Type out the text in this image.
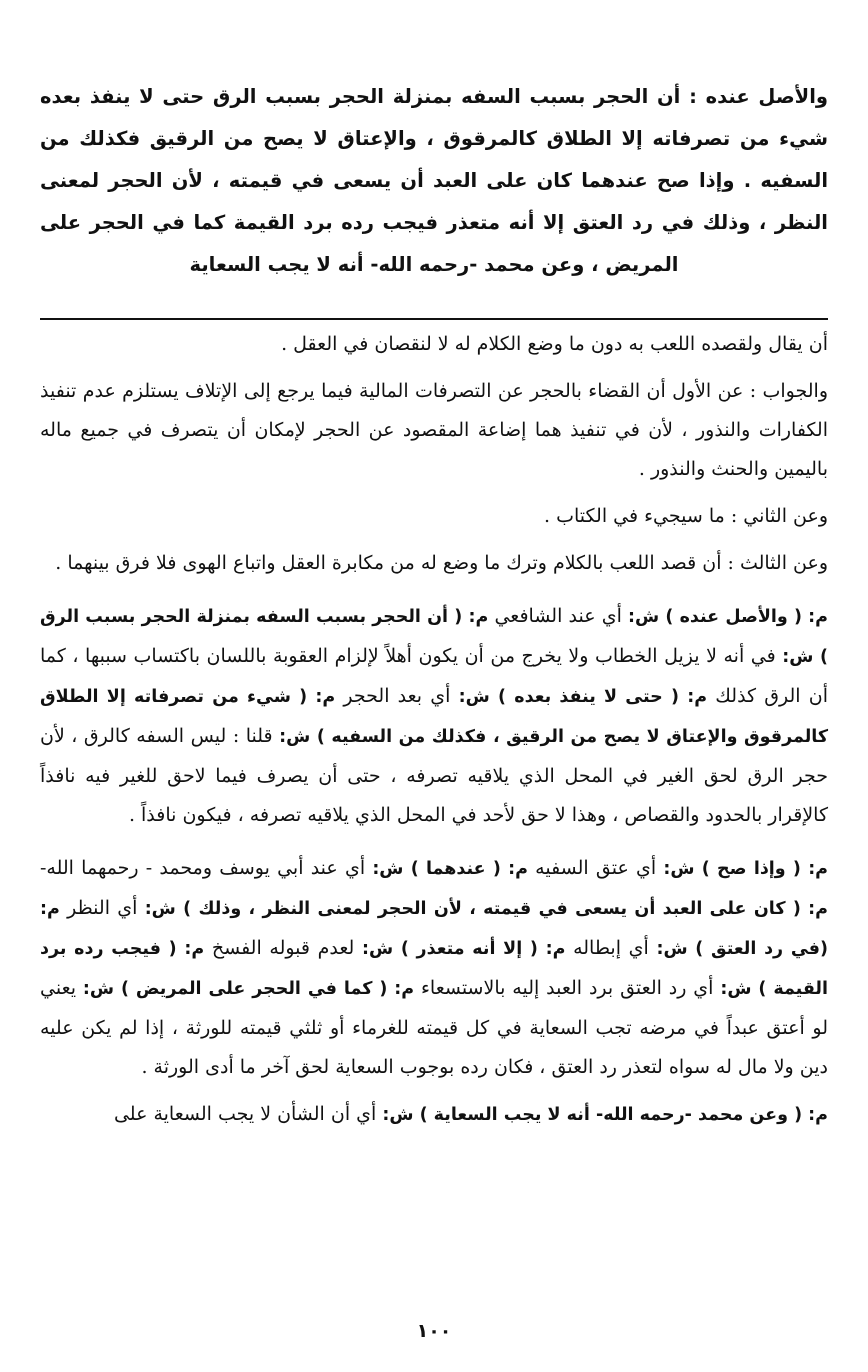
والأصل عنده : أن الحجر بسبب السفه بمنزلة الحجر بسبب الرق حتى لا ينفذ بعده شيء من تصرفاته إلا الطلاق كالمرقوق ، والإعتاق لا يصح من الرقيق فكذلك من السفيه . وإذا صح عندهما كان على العبد أن يسعى في قيمته ، لأن الحجر لمعنى النظر ، وذلك في رد العتق إلا أنه متعذر فيجب رده برد القيمة كما في الحجر على المريض ، وعن محمد -رحمه الله- أنه لا يجب السعاية

أن يقال ولقصده اللعب به دون ما وضع الكلام له لا لنقصان في العقل .

والجواب : عن الأول أن القضاء بالحجر عن التصرفات المالية فيما يرجع إلى الإتلاف يستلزم عدم تنفيذ الكفارات والنذور ، لأن في تنفيذ هما إضاعة المقصود عن الحجر لإمكان أن يتصرف في جميع ماله باليمين والحنث والنذور .

وعن الثاني : ما سيجيء في الكتاب .

وعن الثالث : أن قصد اللعب بالكلام وترك ما وضع له من مكابرة العقل واتباع الهوى فلا فرق بينهما .

م: ( والأصل عنده ) ش: أي عند الشافعي م: ( أن الحجر بسبب السفه بمنزلة الحجر بسبب الرق ) ش: في أنه لا يزيل الخطاب ولا يخرج من أن يكون أهلاً لإلزام العقوبة باللسان باكتساب سببها ، كما أن الرق كذلك م: ( حتى لا ينفذ بعده ) ش: أي بعد الحجر م: ( شيء من تصرفاته إلا الطلاق كالمرقوق والإعتاق لا يصح من الرقيق ، فكذلك من السفيه ) ش: قلنا : ليس السفه كالرق ، لأن حجر الرق لحق الغير في المحل الذي يلاقيه تصرفه ، حتى أن يصرف فيما لاحق للغير فيه نافذاً كالإقرار بالحدود والقصاص ، وهذا لا حق لأحد في المحل الذي يلاقيه تصرفه ، فيكون نافذاً .

م: ( وإذا صح ) ش: أي عتق السفيه م: ( عندهما ) ش: أي عند أبي يوسف ومحمد - رحمهما الله- م: ( كان على العبد أن يسعى في قيمته ، لأن الحجر لمعنى النظر ، وذلك ) ش: أي النظر م: (في رد العتق ) ش: أي إبطاله م: ( إلا أنه متعذر ) ش: لعدم قبوله الفسخ م: ( فيجب رده برد القيمة ) ش: أي رد العتق برد العبد إليه بالاستسعاء م: ( كما في الحجر على المريض ) ش: يعني لو أعتق عبداً في مرضه تجب السعاية في كل قيمته للغرماء أو ثلثي قيمته للورثة ، إذا لم يكن عليه دين ولا مال له سواه لتعذر رد العتق ، فكان رده بوجوب السعاية لحق آخر ما أدى الورثة .

م: ( وعن محمد -رحمه الله- أنه لا يجب السعاية ) ش: أي أن الشأن لا يجب السعاية على

١٠٠
